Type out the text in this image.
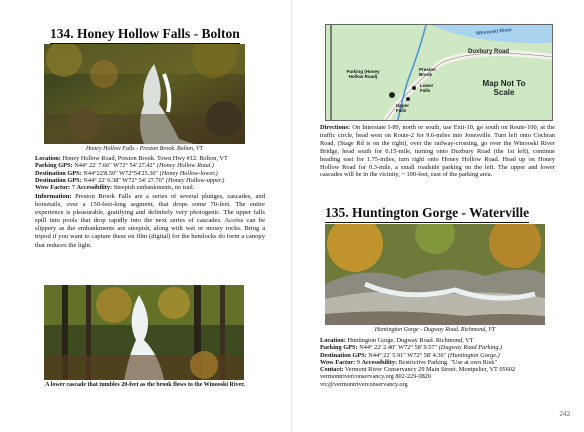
134. Honey Hollow Falls - Bolton
Honey Hollow Falls - Preston Brook. Bolton, VT
Location: Honey Hollow Road, Preston Brook. Town Hwy #12. Bolton, VT
Parking GPS: N44° 22' 7.66" W72° 54' 27.42" (Honey Hollow Road.)
Destination GPS: N44°22'8.50" W72°54'25.30" (Honey Hollow-lower.)
Destination GPS: N44° 22' 6.38" W72° 54' 27.70" (Honey Hollow-upper.)
Wow Factor: 7 Accessibility: Steepish embankments, no trail.
Information: Preston Brook Falls are a series of several plunges, cascades, and horsetails, over a 150-feet-long segment, that drops some 70-feet. The entire experience is pleasurable, gratifying and definitely very photogenic. The upper falls spill into pools that drop rapidly into the next series of cascades. Access can be slippery as the embankments are steepish, along with wet or mossy rocks. Bring a tripod if you want to capture these on film (digital) for the hemlocks do form a canopy that reduces the light.
A lower cascade that tumbles 20-feet as the brook flows to the Winooski River.
Winooski River
Duxbury Road
Parking (Honey Hollow Road)
Preston Brook
Lower Falls
Upper Falls
Map Not To Scale
Directions: On Interstate I-89, north or south, use Exit-10, go south on Route-100, at the traffic circle, head west on Route-2 for 9.6-miles into Jonesville. Turn left onto Cochran Road, (Stage Rd is on the right), over the railway-crossing, go over the Winooski River Bridge, head south for 0.15-mile, turning onto Duxbury Road (the 1st left), continue heading east for 1.75-miles, turn right onto Honey Hollow Road. Head up on Honey Hollow Road for 0.3-mile, a small roadside parking on the left. The upper and lower cascades will be in the vicinity, ~ 100-feet, east of the parking area.
135. Huntington Gorge - Waterville
Huntington Gorge - Dugway Road. Richmond, VT
Location: Huntington Gorge. Dugway Road. Richmond, VT
Parking GPS: N44° 22' 2.40" W72° 58' 9.57" (Dugway Road Parking.)
Destination GPS: N44° 22' 5.91" W72° 58' 4.36" (Huntington Gorge.)
Wow Factor: 9 Accessibility: Restrictive Parking. "Use at own Risk"
Contact: Vermont River Conservancy 29 Main Street. Montpelier, VT 05602 vermontriverconservancy.org 802-229-0820
vrc@vermontriverconservancy.org
242
